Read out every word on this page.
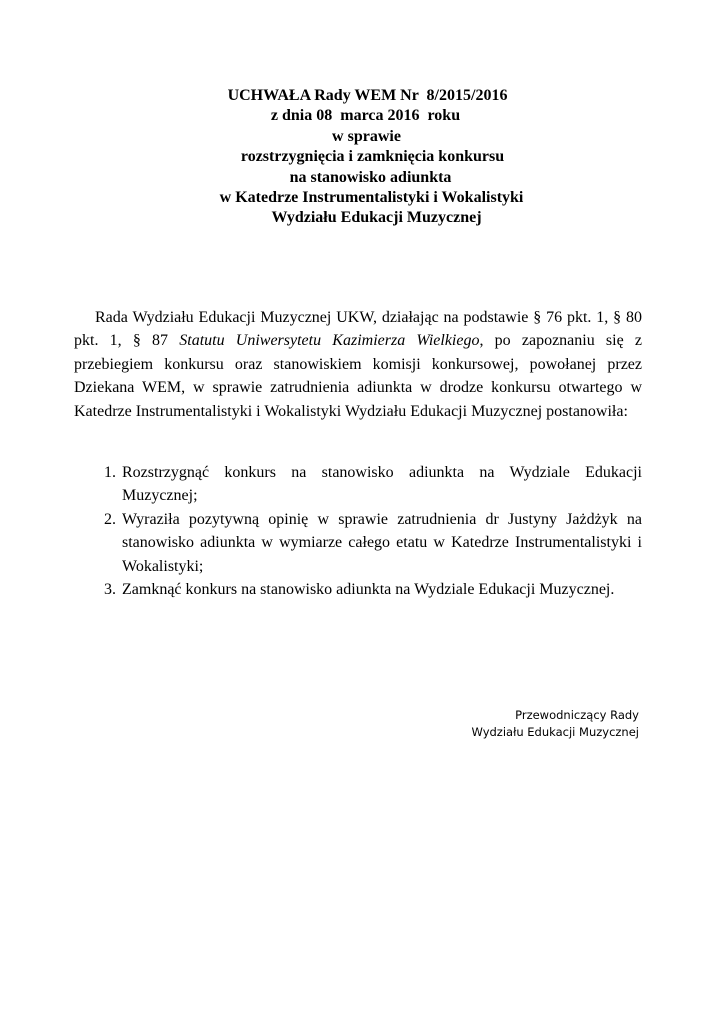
UCHWAŁA Rady WEM Nr  8/2015/2016
z dnia 08  marca 2016  roku
w sprawie
rozstrzygnięcia i zamknięcia konkursu
na stanowisko adiunkta
w Katedrze Instrumentalistyki i Wokalistyki
Wydziału Edukacji Muzycznej

Rada Wydziału Edukacji Muzycznej UKW, działając na podstawie § 76 pkt. 1, § 80 pkt. 1, § 87 Statutu Uniwersytetu Kazimierza Wielkiego, po zapoznaniu się z przebiegiem konkursu oraz stanowiskiem komisji konkursowej, powołanej przez Dziekana WEM, w sprawie zatrudnienia adiunkta w drodze konkursu otwartego w Katedrze Instrumentalistyki i Wokalistyki Wydziału Edukacji Muzycznej postanowiła:

1. Rozstrzygnąć konkurs na stanowisko adiunkta na Wydziale Edukacji Muzycznej;
2. Wyraziła pozytywną opinię w sprawie zatrudnienia dr Justyny Jażdżyk na stanowisko adiunkta w wymiarze całego etatu w Katedrze Instrumentalistyki i Wokalistyki;
3. Zamknąć konkurs na stanowisko adiunkta na Wydziale Edukacji Muzycznej.
Przewodniczący Rady
Wydziału Edukacji Muzycznej
